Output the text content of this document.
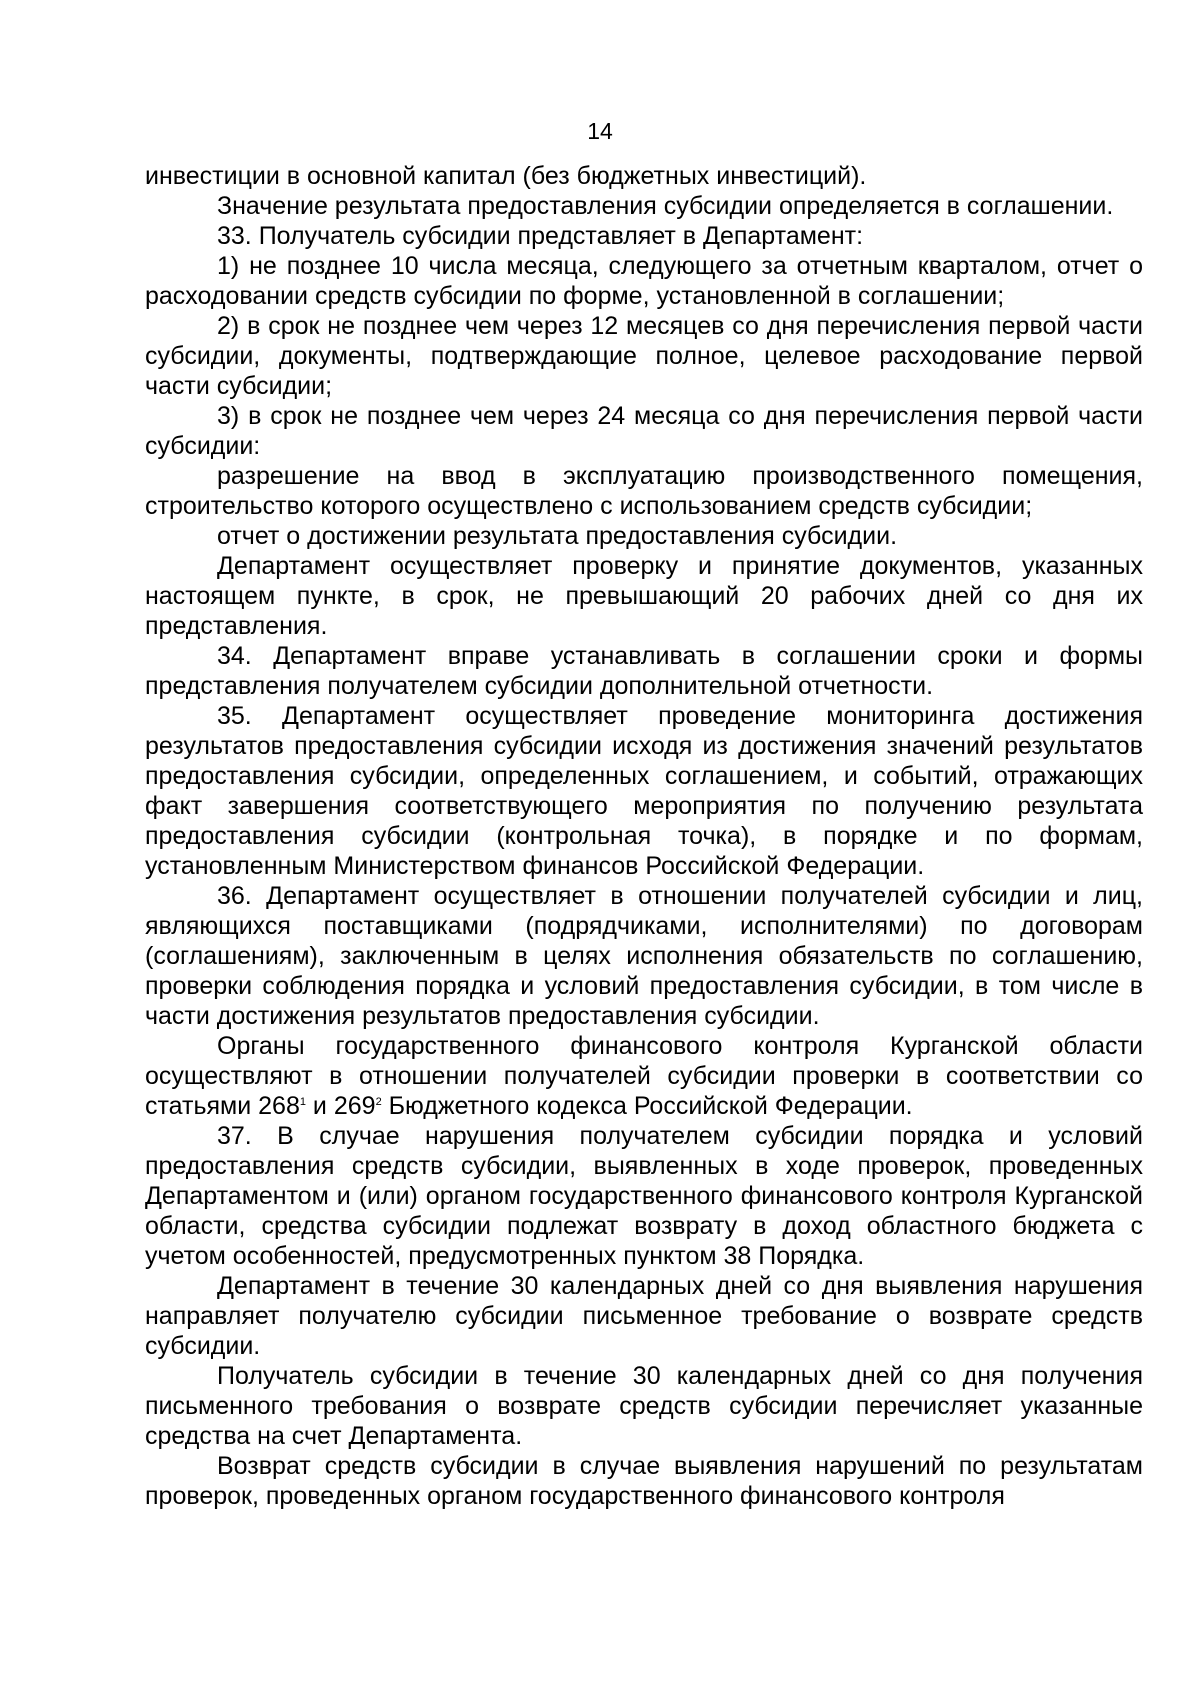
14

инвестиции в основной капитал (без бюджетных инвестиций).

Значение результата предоставления субсидии определяется в соглашении.

33. Получатель субсидии представляет в Департамент:

1) не позднее 10 числа месяца, следующего за отчетным кварталом, отчет о расходовании средств субсидии по форме, установленной в соглашении;

2) в срок не позднее чем через 12 месяцев со дня перечисления первой части субсидии, документы, подтверждающие полное, целевое расходование первой части субсидии;

3) в срок не позднее чем через 24 месяца со дня перечисления первой части субсидии:

разрешение на ввод в эксплуатацию производственного помещения, строительство которого осуществлено с использованием средств субсидии;

отчет о достижении результата предоставления субсидии.

Департамент осуществляет проверку и принятие документов, указанных настоящем пункте, в срок, не превышающий 20 рабочих дней со дня их представления.

34. Департамент вправе устанавливать в соглашении сроки и формы представления получателем субсидии дополнительной отчетности.

35. Департамент осуществляет проведение мониторинга достижения результатов предоставления субсидии исходя из достижения значений результатов предоставления субсидии, определенных соглашением, и событий, отражающих факт завершения соответствующего мероприятия по получению результата предоставления субсидии (контрольная точка), в порядке и по формам, установленным Министерством финансов Российской Федерации.

36. Департамент осуществляет в отношении получателей субсидии и лиц, являющихся поставщиками (подрядчиками, исполнителями) по договорам (соглашениям), заключенным в целях исполнения обязательств по соглашению, проверки соблюдения порядка и условий предоставления субсидии, в том числе в части достижения результатов предоставления субсидии.

Органы государственного финансового контроля Курганской области осуществляют в отношении получателей субсидии проверки в соответствии со статьями $268^1$ и $269^2$ Бюджетного кодекса Российской Федерации.

37. В случае нарушения получателем субсидии порядка и условий предоставления средств субсидии, выявленных в ходе проверок, проведенных Департаментом и (или) органом государственного финансового контроля Курганской области, средства субсидии подлежат возврату в доход областного бюджета с учетом особенностей, предусмотренных пунктом 38 Порядка.

Департамент в течение 30 календарных дней со дня выявления нарушения направляет получателю субсидии письменное требование о возврате средств субсидии.

Получатель субсидии в течение 30 календарных дней со дня получения письменного требования о возврате средств субсидии перечисляет указанные средства на счет Департамента.

Возврат средств субсидии в случае выявления нарушений по результатам проверок, проведенных органом государственного финансового контроля
